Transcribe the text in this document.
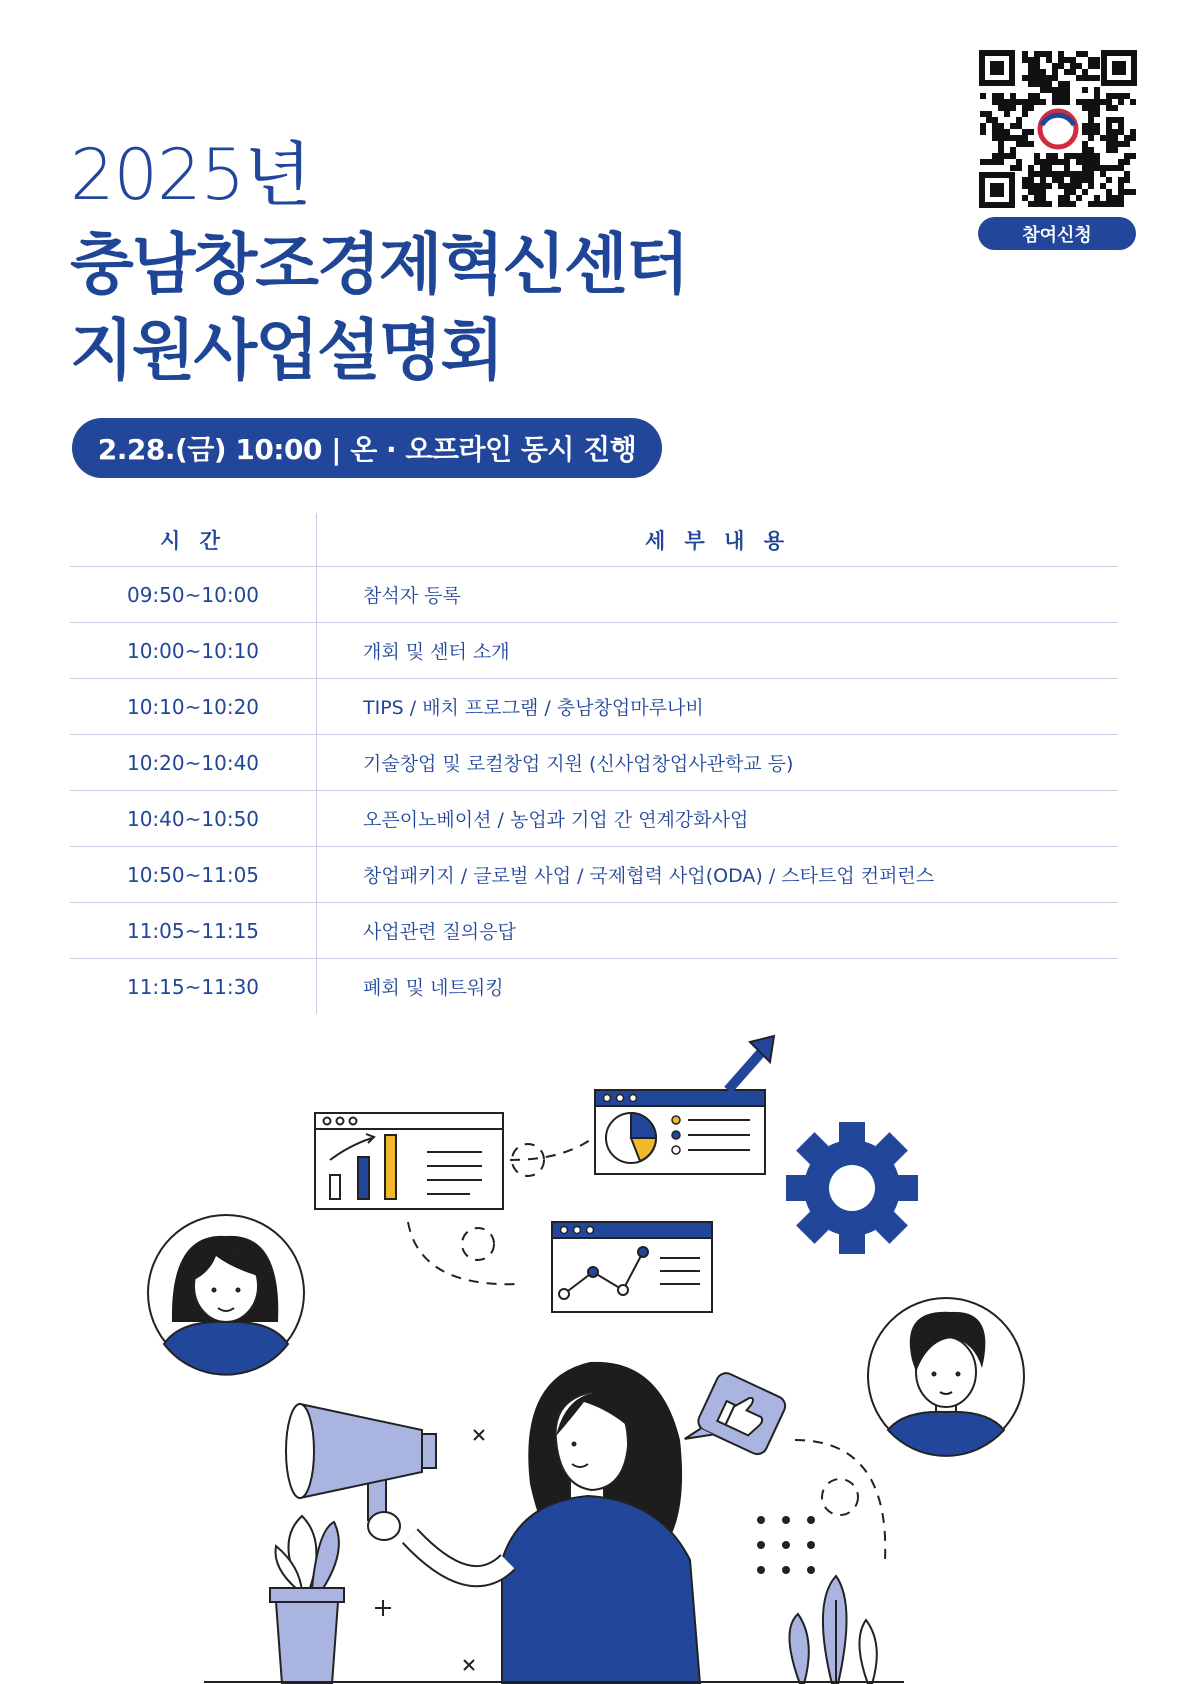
2025년
충남창조경제혁신센터
지원사업설명회
2.28.(금) 10:00 | 온 · 오프라인 동시 진행
참여신청
시 간	세 부 내 용
09:50~10:00	참석자 등록
10:00~10:10	개회 및 센터 소개
10:10~10:20	TIPS / 배치 프로그램 / 충남창업마루나비
10:20~10:40	기술창업 및 로컬창업 지원 (신사업창업사관학교 등)
10:40~10:50	오픈이노베이션 / 농업과 기업 간 연계강화사업
10:50~11:05	창업패키지 / 글로벌 사업 / 국제협력 사업(ODA) / 스타트업 컨퍼런스
11:05~11:15	사업관련 질의응답
11:15~11:30	폐회 및 네트워킹
